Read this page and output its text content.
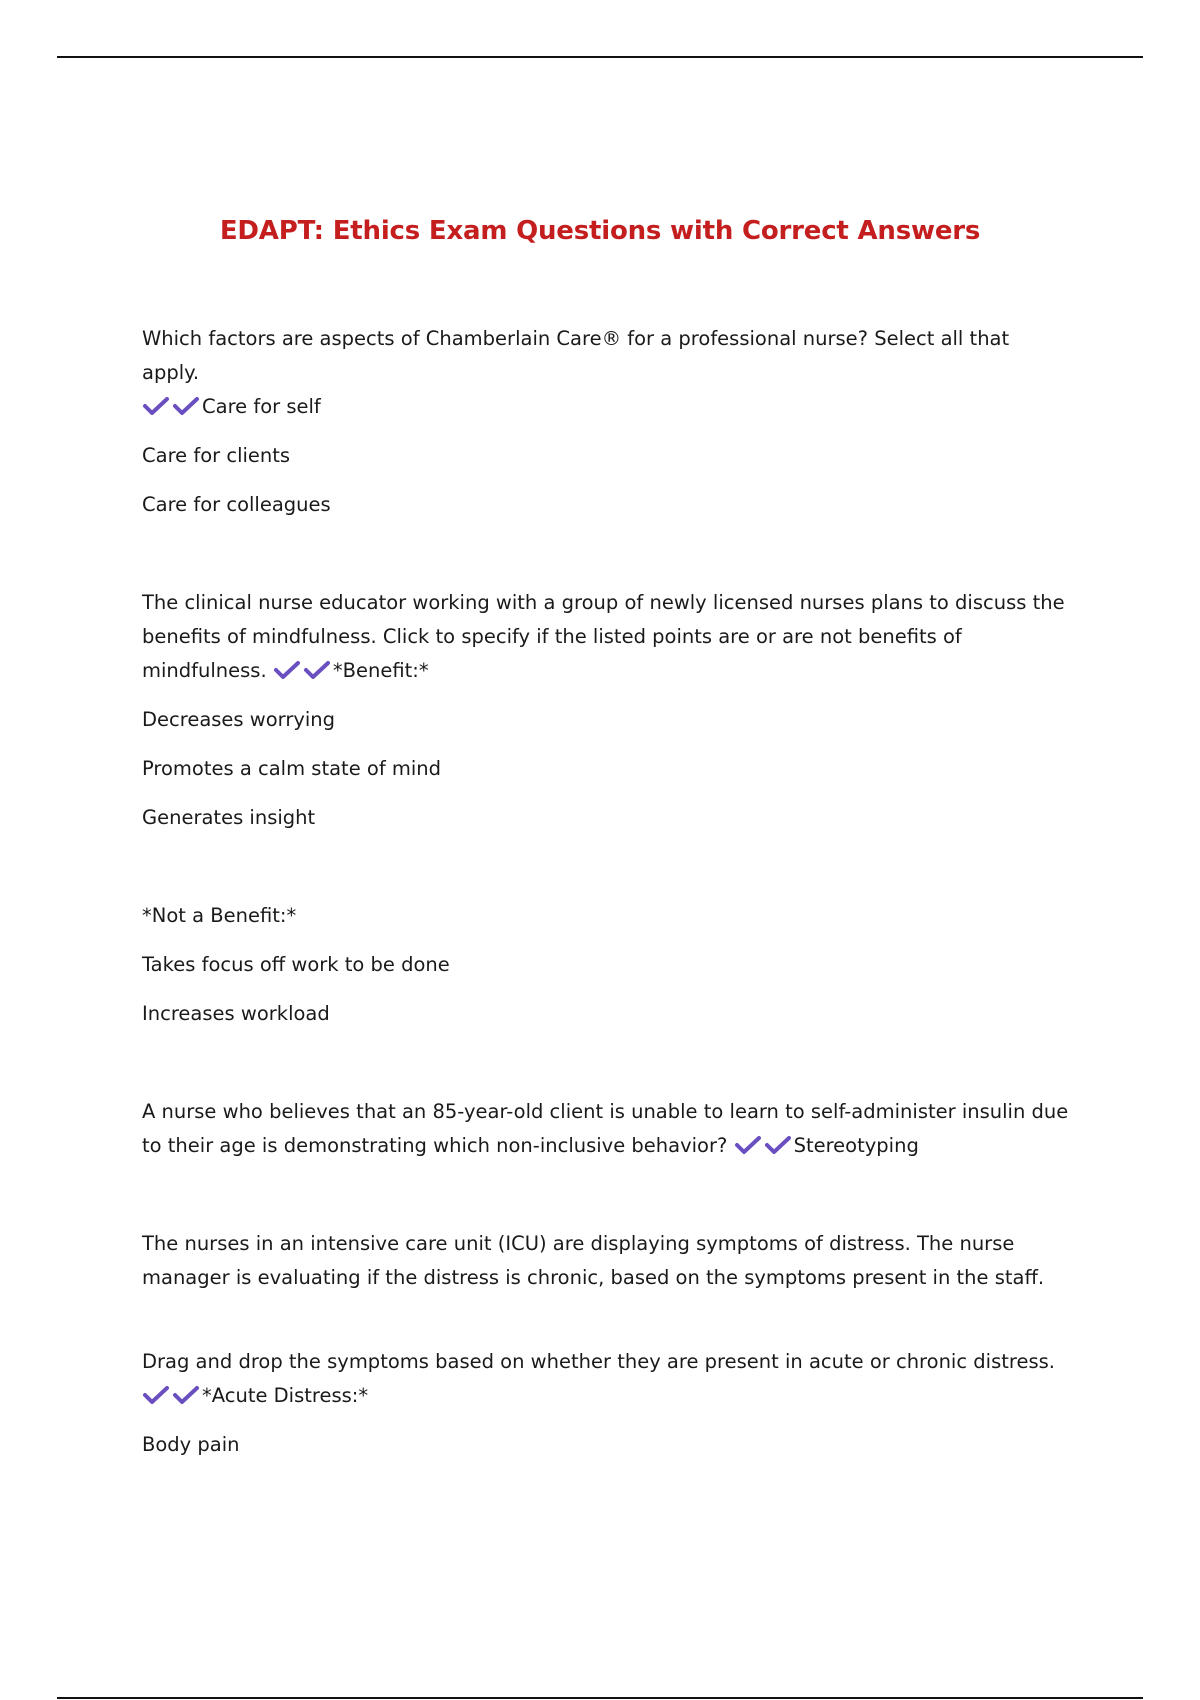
EDAPT: Ethics Exam Questions with Correct Answers

Which factors are aspects of Chamberlain Care® for a professional nurse? Select all that apply.

Care for self

Care for clients

Care for colleagues

The clinical nurse educator working with a group of newly licensed nurses plans to discuss the benefits of mindfulness. Click to specify if the listed points are or are not benefits of mindfulness.	*Benefit:*

Decreases worrying

Promotes a calm state of mind

Generates insight

*Not a Benefit:*

Takes focus off work to be done

Increases workload

A nurse who believes that an 85-year-old client is unable to learn to self-administer insulin due to their age is demonstrating which non-inclusive behavior?	Stereotyping

The nurses in an intensive care unit (ICU) are displaying symptoms of distress. The nurse manager is evaluating if the distress is chronic, based on the symptoms present in the staff.

Drag and drop the symptoms based on whether they are present in acute or chronic distress.

*Acute Distress:*

Body pain
